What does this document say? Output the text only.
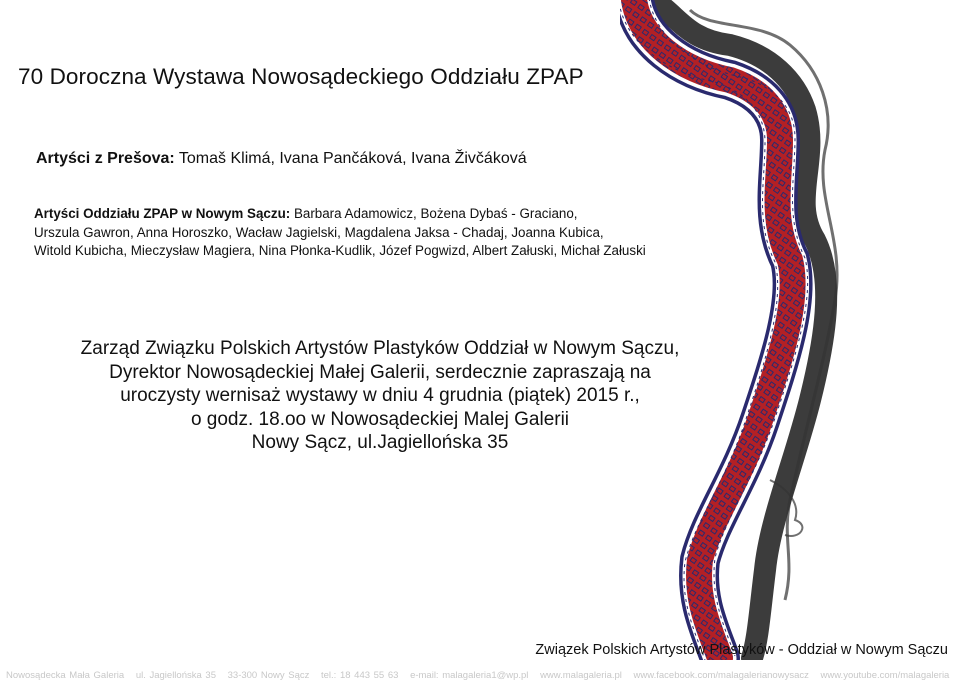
70 Doroczna Wystawa Nowosądeckiego Oddziału ZPAP
Artyści z Prešova: Tomaš Klimá, Ivana Pančáková, Ivana Živčáková
Artyści Oddziału ZPAP w Nowym Sączu: Barbara Adamowicz, Bożena Dybaś - Graciano,
Urszula Gawron, Anna Horoszko, Wacław Jagielski, Magdalena Jaksa - Chadaj, Joanna Kubica,
Witold Kubicha, Mieczysław Magiera, Nina Płonka-Kudlik, Józef Pogwizd, Albert Załuski, Michał Załuski
Zarząd Związku Polskich Artystów Plastyków Oddział w Nowym Sączu,
Dyrektor Nowosądeckiej Małej Galerii, serdecznie zapraszają na
uroczysty wernisaż wystawy w dniu 4 grudnia (piątek) 2015 r.,
o godz. 18.oo w Nowosądeckiej Malej Galerii
Nowy Sącz, ul.Jagiellońska 35
Związek Polskich Artystów Plastyków - Oddział w Nowym Sączu
Nowosądecka Mała Galeria ul. Jagiellońska 35 33-300 Nowy Sącz tel.: 18 443 55 63 e-mail: malagaleria1@wp.pl www.malagaleria.pl www.facebook.com/malagalerianowysacz www.youtube.com/malagaleria
